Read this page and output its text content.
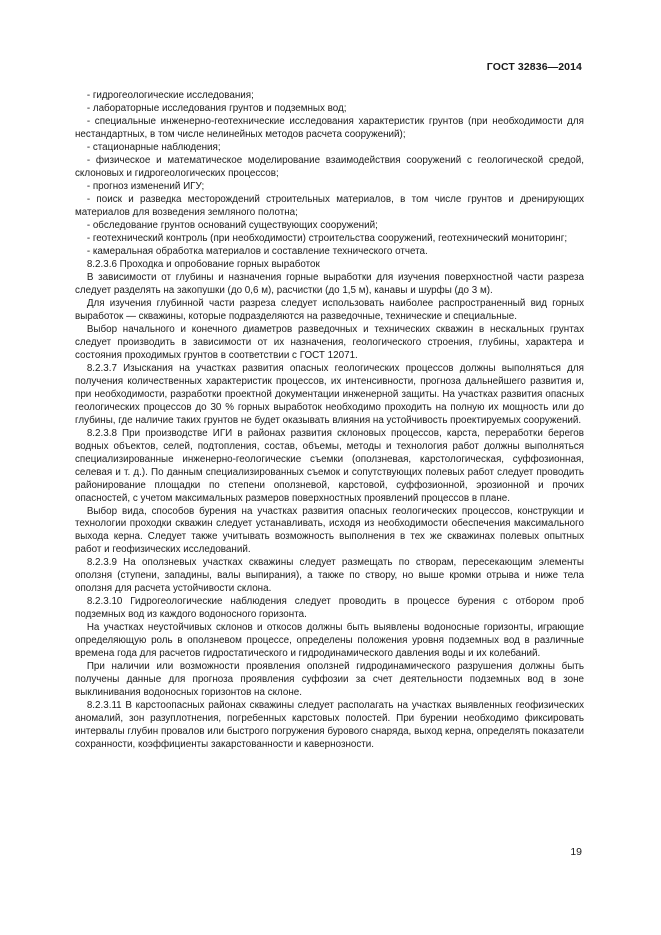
ГОСТ 32836—2014

- гидрогеологические исследования;

- лабораторные исследования грунтов и подземных вод;

- специальные инженерно-геотехнические исследования характеристик грунтов (при необходимости для нестандартных, в том числе нелинейных методов расчета сооружений);

- стационарные наблюдения;

- физическое и математическое моделирование взаимодействия сооружений с геологической средой, склоновых и гидрогеологических процессов;

- прогноз изменений ИГУ;

- поиск и разведка месторождений строительных материалов, в том числе грунтов и дренирующих материалов для возведения земляного полотна;

- обследование грунтов оснований существующих сооружений;

- геотехнический контроль (при необходимости) строительства сооружений, геотехнический мониторинг;

- камеральная обработка материалов и составление технического отчета.

8.2.3.6 Проходка и опробование горных выработок

В зависимости от глубины и назначения горные выработки для изучения поверхностной части разреза следует разделять на закопушки (до 0,6 м), расчистки (до 1,5 м), канавы и шурфы (до 3 м).

Для изучения глубинной части разреза следует использовать наиболее распространенный вид горных выработок — скважины, которые подразделяются на разведочные, технические и специальные.

Выбор начального и конечного диаметров разведочных и технических скважин в нескальных грунтах следует производить в зависимости от их назначения, геологического строения, глубины, характера и состояния проходимых грунтов в соответствии с ГОСТ 12071.

8.2.3.7 Изыскания на участках развития опасных геологических процессов должны выполняться для получения количественных характеристик процессов, их интенсивности, прогноза дальнейшего развития и, при необходимости, разработки проектной документации инженерной защиты. На участках развития опасных геологических процессов до 30 % горных выработок необходимо проходить на полную их мощность или до глубины, где наличие таких грунтов не будет оказывать влияния на устойчивость проектируемых сооружений.

8.2.3.8 При производстве ИГИ в районах развития склоновых процессов, карста, переработки берегов водных объектов, селей, подтопления, состав, объемы, методы и технология работ должны выполняться специализированные инженерно-геологические съемки (оползневая, карстологическая, суффозионная, селевая и т. д.). По данным специализированных съемок и сопутствующих полевых работ следует проводить районирование площадки по степени оползневой, карстовой, суффозионной, эрозионной и прочих опасностей, с учетом максимальных размеров поверхностных проявлений процессов в плане.

Выбор вида, способов бурения на участках развития опасных геологических процессов, конструкции и технологии проходки скважин следует устанавливать, исходя из необходимости обеспечения максимального выхода керна. Следует также учитывать возможность выполнения в тех же скважинах полевых опытных работ и геофизических исследований.

8.2.3.9 На оползневых участках скважины следует размещать по створам, пересекающим элементы оползня (ступени, западины, валы выпирания), а также по створу, но выше кромки отрыва и ниже тела оползня для расчета устойчивости склона.

8.2.3.10 Гидрогеологические наблюдения следует проводить в процессе бурения с отбором проб подземных вод из каждого водоносного горизонта.

На участках неустойчивых склонов и откосов должны быть выявлены водоносные горизонты, играющие определяющую роль в оползневом процессе, определены положения уровня подземных вод в различные времена года для расчетов гидростатического и гидродинамического давления воды и их колебаний.

При наличии или возможности проявления оползней гидродинамического разрушения должны быть получены данные для прогноза проявления суффозии за счет деятельности подземных вод в зоне выклинивания водоносных горизонтов на склоне.

8.2.3.11 В карстоопасных районах скважины следует располагать на участках выявленных геофизических аномалий, зон разуплотнения, погребенных карстовых полостей. При бурении необходимо фиксировать интервалы глубин провалов или быстрого погружения бурового снаряда, выход керна, определять показатели сохранности, коэффициенты закарстованности и кавернозности.

19
